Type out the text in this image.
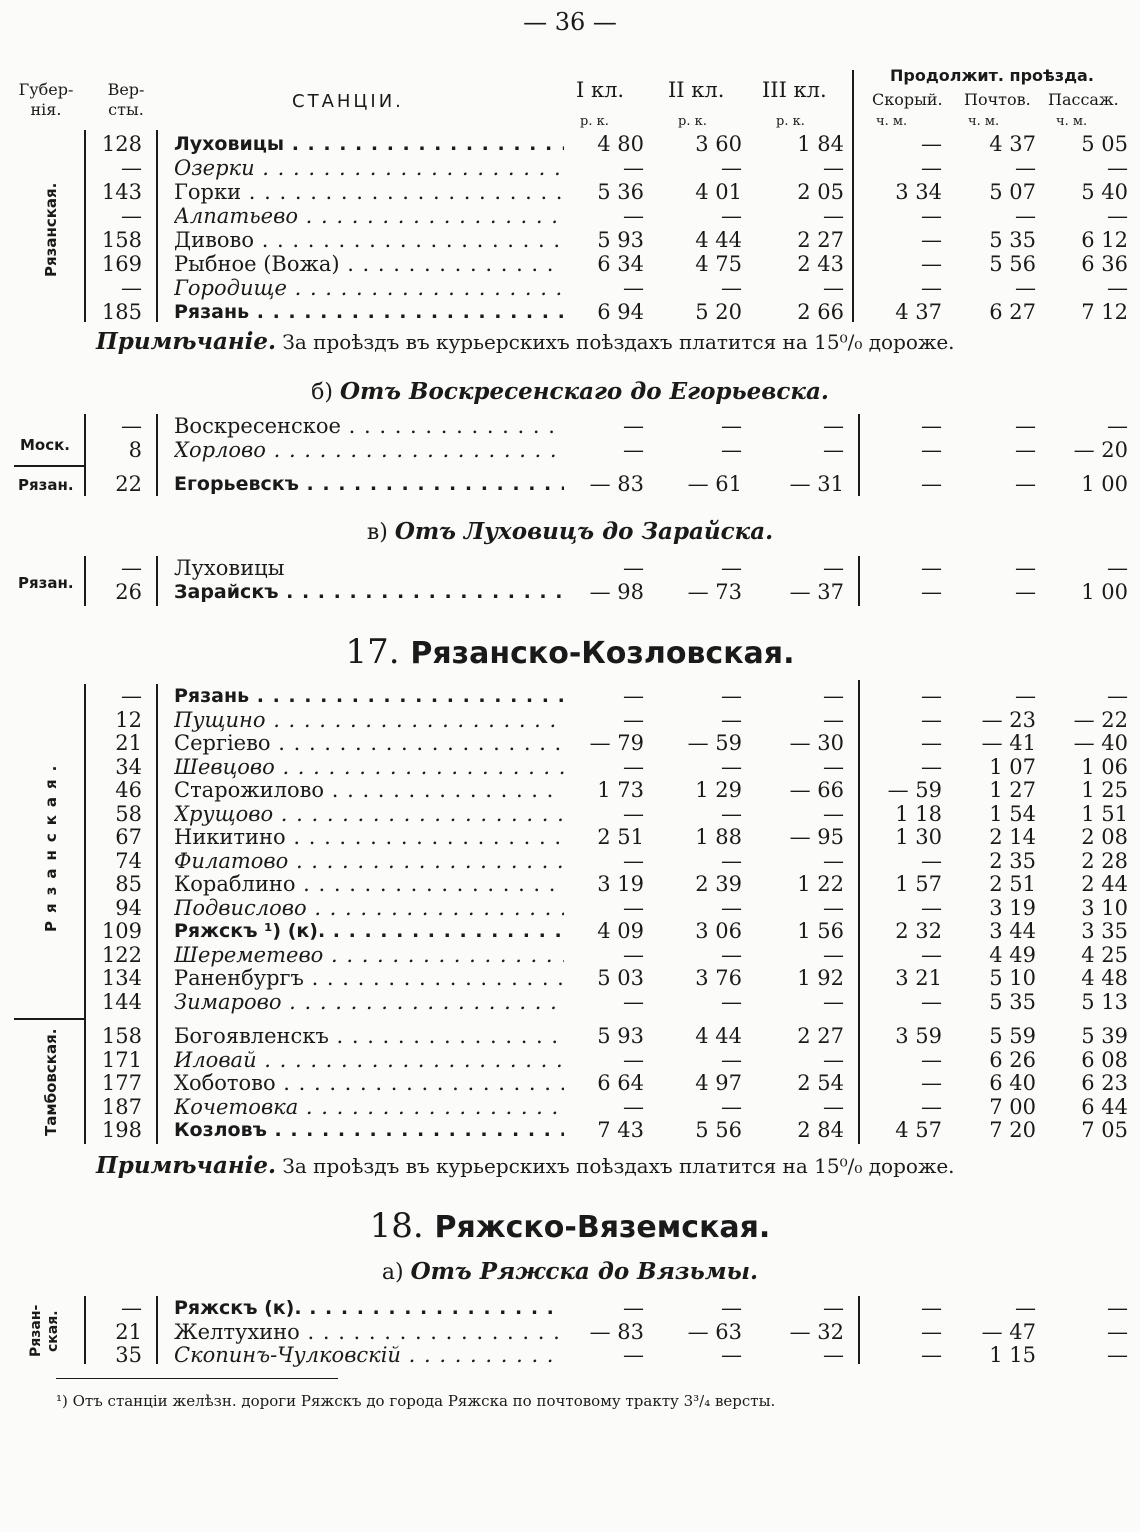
— 36 —
Губер-
нія.
Вер-
сты.	СТАНЦІИ.	I кл. II кл. III кл.
Продолжит. проѣзда.
Скорый. Почтов. Пассаж.
р. к.	р. к.	р. к.	ч. м.	ч. м.	ч. м.
Рязанская.
128 Луховицы . . .	4 80	3 60	1 84	—	4 37	5 05
— Озерки . . .	—	—	—	—	—	—
143 Горки . . .	5 36	4 01	2 05	3 34	5 07	5 40
— Алпатьево . . .	—	—	—	—	—	—
158 Дивово . . .	5 93	4 44	2 27	—	5 35	6 12
169 Рыбное (Вожа) . . .	6 34	4 75	2 43	—	5 56	6 36
— Городище . . .	—	—	—	—	—	—
185 Рязань . . .	6 94	5 20	2 66	4 37	6 27	7 12
Примѣчаніе. За проѣздъ въ курьерскихъ поѣздахъ платится на 15⁰/₀ дороже.
б) Отъ Воскресенскаго до Егорьевска.
Моск.
Рязан.
— Воскресенское . . .	—	—	—	—	—	—
8 Хорлово . . .	—	—	—	—	—	— 20
22 Егорьевскъ . . .	— 83	— 61	— 31	—	—	1 00
в) Отъ Луховицъ до Зарайска.
Рязан.
— Луховицы	—	—	—	—	—	—
26 Зарайскъ . . .	— 98	— 73	— 37	—	—	1 00
17. Рязанско-Козловская.
Рязанская.
Тамбовская.
— Рязань . . .	—	—	—	—	—	—
12 Пущино . . .	—	—	—	—	— 23	— 22
21 Сергіево . . .	— 79	— 59	— 30	—	— 41	— 40
34 Шевцово . . .	—	—	—	—	1 07	1 06
46 Старожилово . . .	1 73	1 29	— 66	— 59	1 27	1 25
58 Хрущово . . .	—	—	—	1 18	1 54	1 51
67 Никитино . . .	2 51	1 88	— 95	1 30	2 14	2 08
74 Филатово . . .	—	—	—	—	2 35	2 28
85 Кораблино . . .	3 19	2 39	1 22	1 57	2 51	2 44
94 Подвислово . . .	—	—	—	—	3 19	3 10
109 Ряжскъ ¹) (к). . . .	4 09	3 06	1 56	2 32	3 44	3 35
122 Шереметево . . .	—	—	—	—	4 49	4 25
134 Раненбургъ . . .	5 03	3 76	1 92	3 21	5 10	4 48
144 Зимарово . . .	—	—	—	—	5 35	5 13
158 Богоявленскъ . . .	5 93	4 44	2 27	3 59	5 59	5 39
171 Иловай . . .	—	—	—	—	6 26	6 08
177 Хоботово . . .	6 64	4 97	2 54	—	6 40	6 23
187 Кочетовка . . .	—	—	—	—	7 00	6 44
198 Козловъ . . .	7 43	5 56	2 84	4 57	7 20	7 05
Примѣчаніе. За проѣздъ въ курьерскихъ поѣздахъ платится на 15⁰/₀ дороже.
18. Ряжско-Вяземская.
а) Отъ Ряжска до Вязьмы.
Рязан-
ская.
— Ряжскъ (к). . . .	—	—	—	—	—	—
21 Желтухино . . .	— 83	— 63	— 32	—	— 47	—
35 Скопинъ-Чулковскій . . .	—	—	—	—	1 15	—
¹) Отъ станціи желѣзн. дороги Ряжскъ до города Ряжска по почтовому тракту 3³/₄ версты.
